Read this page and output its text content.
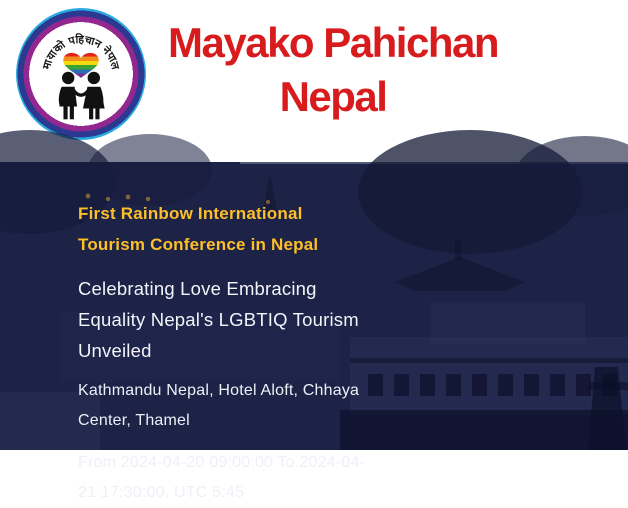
मायाको पहिचान नेपाल	Mayako Pahichan
Nepal
First Rainbow International
Tourism Conference in Nepal
Celebrating Love Embracing
Equality Nepal's LGBTIQ Tourism
Unveiled
Kathmandu Nepal, Hotel Aloft, Chhaya
Center, Thamel
From 2024-04-20 09:00:00 To 2024-04-
21 17:30:00, UTC 5:45
